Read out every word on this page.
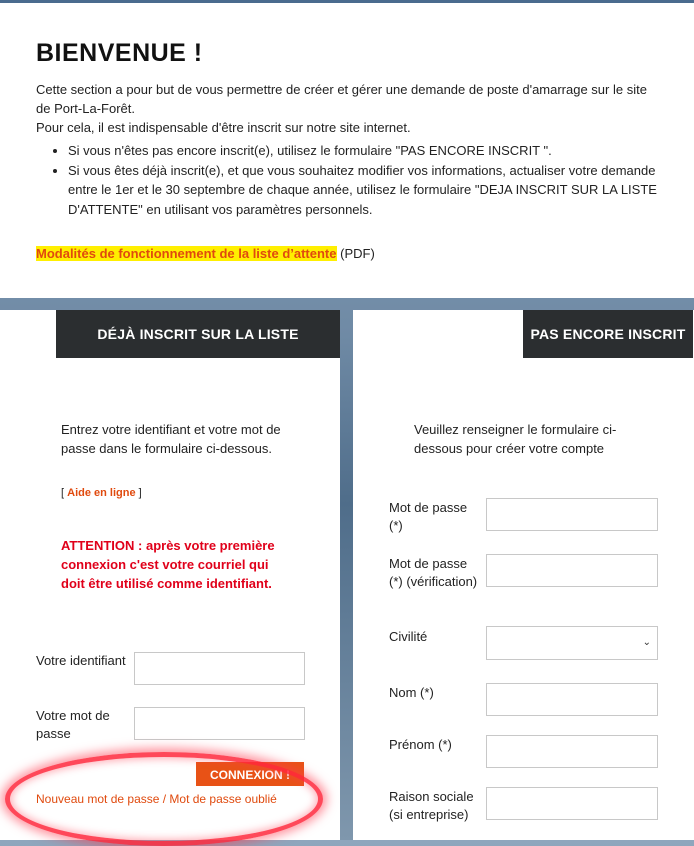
BIENVENUE !

Cette section a pour but de vous permettre de créer et gérer une demande de poste d'amarrage sur le site de Port-La-Forêt.

Pour cela, il est indispensable d'être inscrit sur notre site internet.

• Si vous n'êtes pas encore inscrit(e), utilisez le formulaire "PAS ENCORE INSCRIT ".
• Si vous êtes déjà inscrit(e), et que vous souhaitez modifier vos informations, actualiser votre demande entre le 1er et le 30 septembre de chaque année, utilisez le formulaire "DEJA INSCRIT SUR LA LISTE D'ATTENTE" en utilisant vos paramètres personnels.
Modalités de fonctionnement de la liste d’attente (PDF)
DÉJÀ INSCRIT SUR LA LISTE D'ATTENTE
Entrez votre identifiant et votre mot de passe dans le formulaire ci-dessous.
[ Aide en ligne ]
ATTENTION : après votre première connexion c'est votre courriel qui doit être utilisé comme identifiant.
Votre identifiant
Votre mot de passe
CONNEXION !
Nouveau mot de passe / Mot de passe oublié
PAS ENCORE INSCRIT
Veuillez renseigner le formulaire ci-dessous pour créer votre compte
Mot de passe (*)
Mot de passe (*) (vérification)
Civilité	⌄
Nom (*)
Prénom (*)
Raison sociale (si entreprise)
